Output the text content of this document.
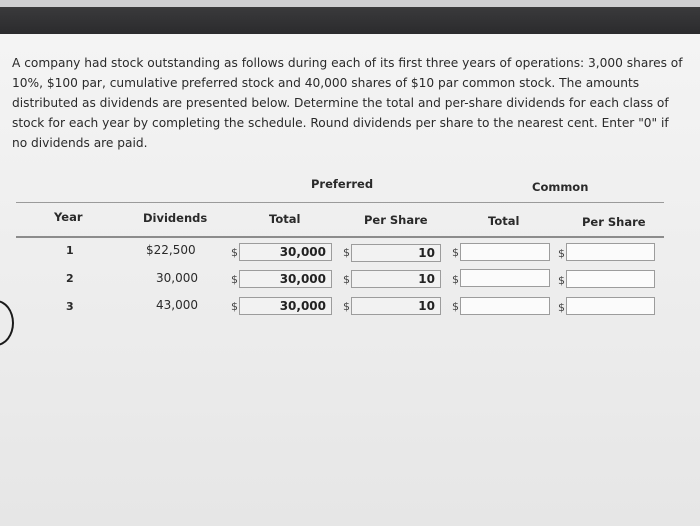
A company had stock outstanding as follows during each of its first three years of operations: 3,000 shares of 10%, $100 par, cumulative preferred stock and 40,000 shares of $10 par common stock. The amounts distributed as dividends are presented below. Determine the total and per-share dividends for each class of stock for each year by completing the schedule. Round dividends per share to the nearest cent. Enter "0" if no dividends are paid.

Preferred	Common
Year	Dividends	Total	Per Share	Total	Per Share
1	$22,500	$	30,000	$	10	$	$
2	30,000	$	30,000	$	10	$	$
3	43,000	$	30,000	$	10	$	$
